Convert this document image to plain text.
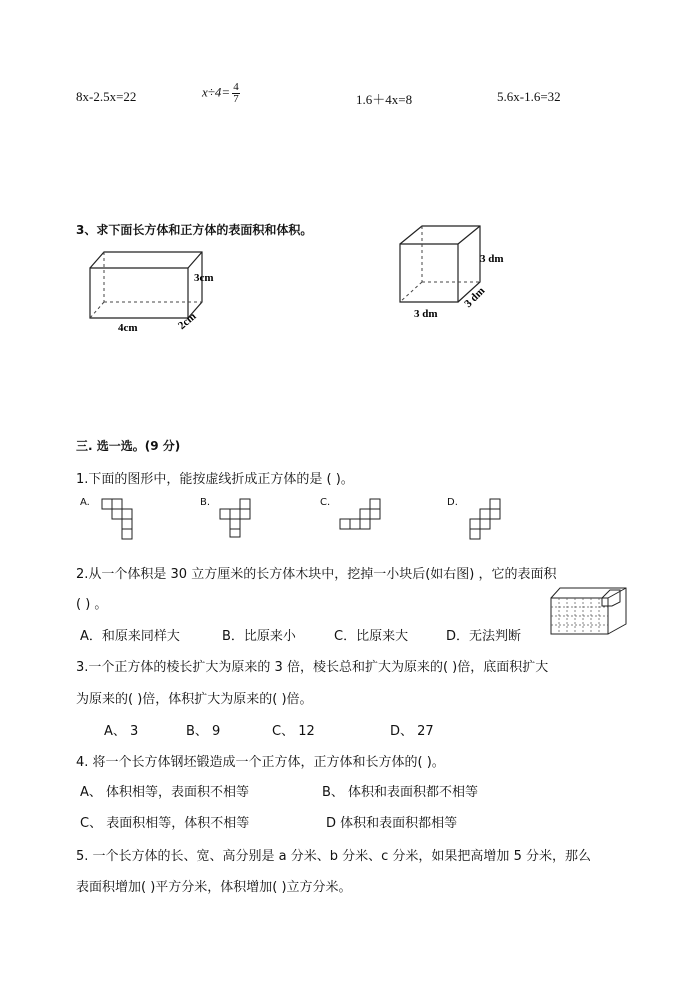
8x-2.5x=22	$x\div 4= \frac{4}{7}$	1.6＋4x=8	5.6x-1.6=32
3、求下面长方体和正方体的表面积和体积。
3cm
2cm
4cm
3 dm
3 dm
3 dm
三. 选一选。(9 分)
1.下面的图形中，能按虚线折成正方体的是 ( )。
A.	B.	C.	D.
2.从一个体积是 30 立方厘米的长方体木块中，挖掉一小块后(如右图) ，它的表面积
( ) 。
A．和原来同样大	B．比原来小	C．比原来大	D．无法判断
3.一个正方体的棱长扩大为原来的 3 倍，棱长总和扩大为原来的( )倍，底面积扩大
为原来的( )倍，体积扩大为原来的( )倍。
A、 3	B、 9	C、 12	D、 27
4. 将一个长方体钢坯锻造成一个正方体，正方体和长方体的( )。
A、 体积相等，表面积不相等	B、 体积和表面积都不相等
C、 表面积相等，体积不相等	D 体积和表面积都相等
5. 一个长方体的长、宽、高分别是 a 分米、b 分米、c 分米，如果把高增加 5 分米，那么
表面积增加( )平方分米，体积增加( )立方分米。
